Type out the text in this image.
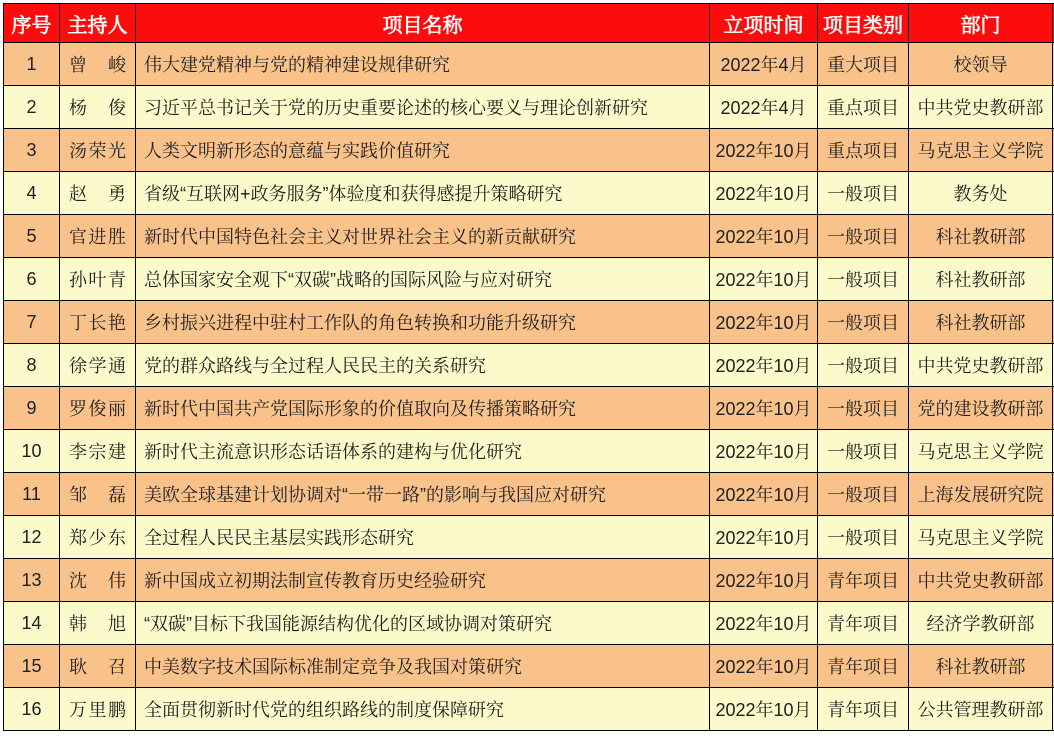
序号	主持人	项目名称	立项时间	项目类别	部门	
1	曾峻	伟大建党精神与党的精神建设规律研究	2022年4月	重大项目	校领导	
2	杨俊	习近平总书记关于党的历史重要论述的核心要义与理论创新研究	2022年4月	重点项目	中共党史教研部	
3	汤荣光	人类文明新形态的意蕴与实践价值研究	2022年10月	重点项目	马克思主义学院	
4	赵勇	省级“互联网+政务服务”体验度和获得感提升策略研究	2022年10月	一般项目	教务处	
5	官进胜	新时代中国特色社会主义对世界社会主义的新贡献研究	2022年10月	一般项目	科社教研部	
6	孙叶青	总体国家安全观下“双碳”战略的国际风险与应对研究	2022年10月	一般项目	科社教研部	
7	丁长艳	乡村振兴进程中驻村工作队的角色转换和功能升级研究	2022年10月	一般项目	科社教研部	
8	徐学通	党的群众路线与全过程人民民主的关系研究	2022年10月	一般项目	中共党史教研部	
9	罗俊丽	新时代中国共产党国际形象的价值取向及传播策略研究	2022年10月	一般项目	党的建设教研部	
10	李宗建	新时代主流意识形态话语体系的建构与优化研究	2022年10月	一般项目	马克思主义学院	
11	邹磊	美欧全球基建计划协调对“一带一路”的影响与我国应对研究	2022年10月	一般项目	上海发展研究院	
12	郑少东	全过程人民民主基层实践形态研究	2022年10月	一般项目	马克思主义学院	
13	沈伟	新中国成立初期法制宣传教育历史经验研究	2022年10月	青年项目	中共党史教研部	
14	韩旭	“双碳”目标下我国能源结构优化的区域协调对策研究	2022年10月	青年项目	经济学教研部	
15	耿召	中美数字技术国际标准制定竞争及我国对策研究	2022年10月	青年项目	科社教研部	
16	万里鹏	全面贯彻新时代党的组织路线的制度保障研究	2022年10月	青年项目	公共管理教研部	
